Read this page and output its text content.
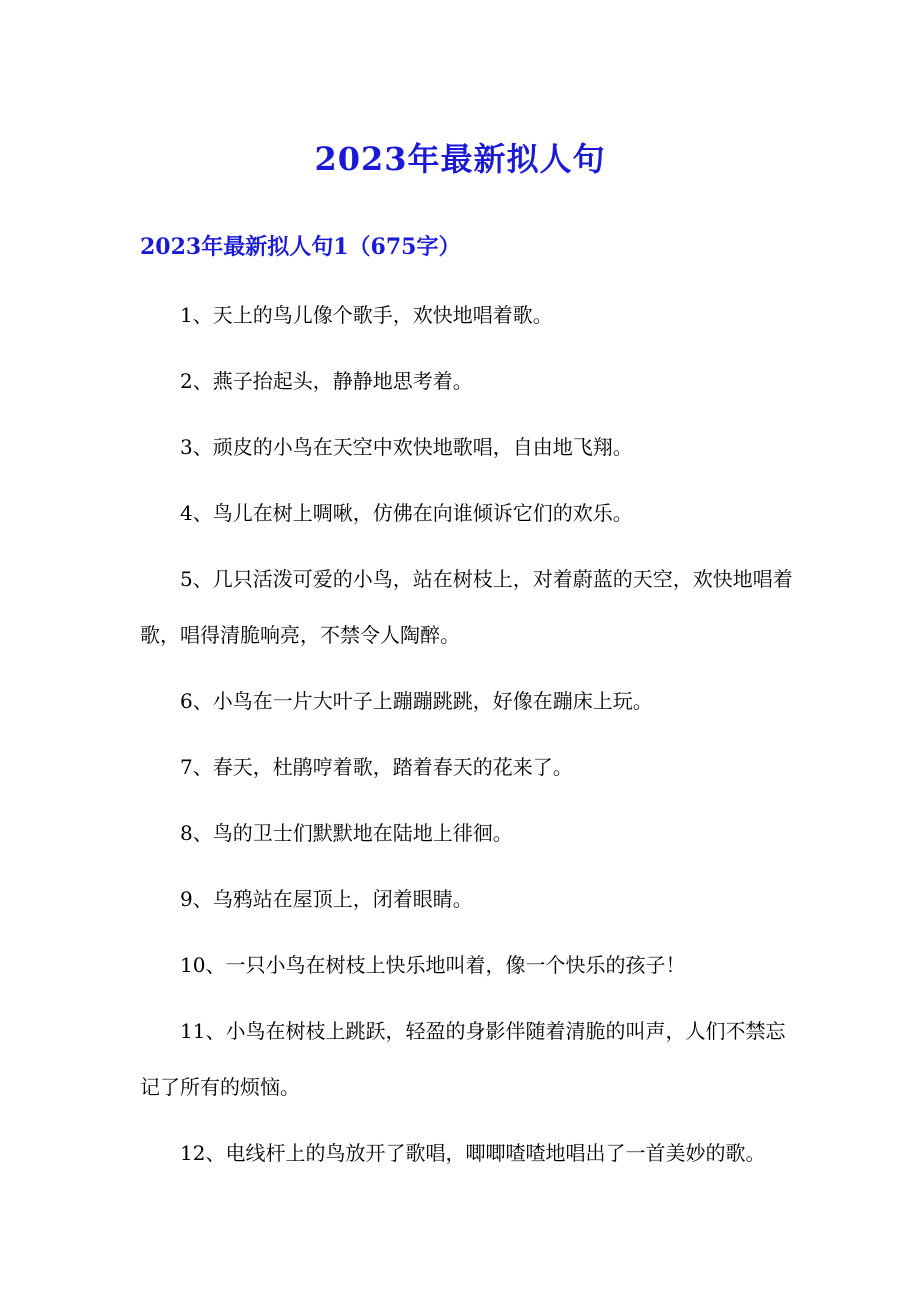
2023年最新拟人句
2023年最新拟人句1（675字）

1、天上的鸟儿像个歌手，欢快地唱着歌。

2、燕子抬起头，静静地思考着。

3、顽皮的小鸟在天空中欢快地歌唱，自由地飞翔。

4、鸟儿在树上啁啾，仿佛在向谁倾诉它们的欢乐。

5、几只活泼可爱的小鸟，站在树枝上，对着蔚蓝的天空，欢快地唱着歌，唱得清脆响亮，不禁令人陶醉。

6、小鸟在一片大叶子上蹦蹦跳跳，好像在蹦床上玩。

7、春天，杜鹃哼着歌，踏着春天的花来了。

8、鸟的卫士们默默地在陆地上徘徊。

9、乌鸦站在屋顶上，闭着眼睛。

10、一只小鸟在树枝上快乐地叫着，像一个快乐的孩子！

11、小鸟在树枝上跳跃，轻盈的身影伴随着清脆的叫声，人们不禁忘记了所有的烦恼。

12、电线杆上的鸟放开了歌唱，唧唧喳喳地唱出了一首美妙的歌。
